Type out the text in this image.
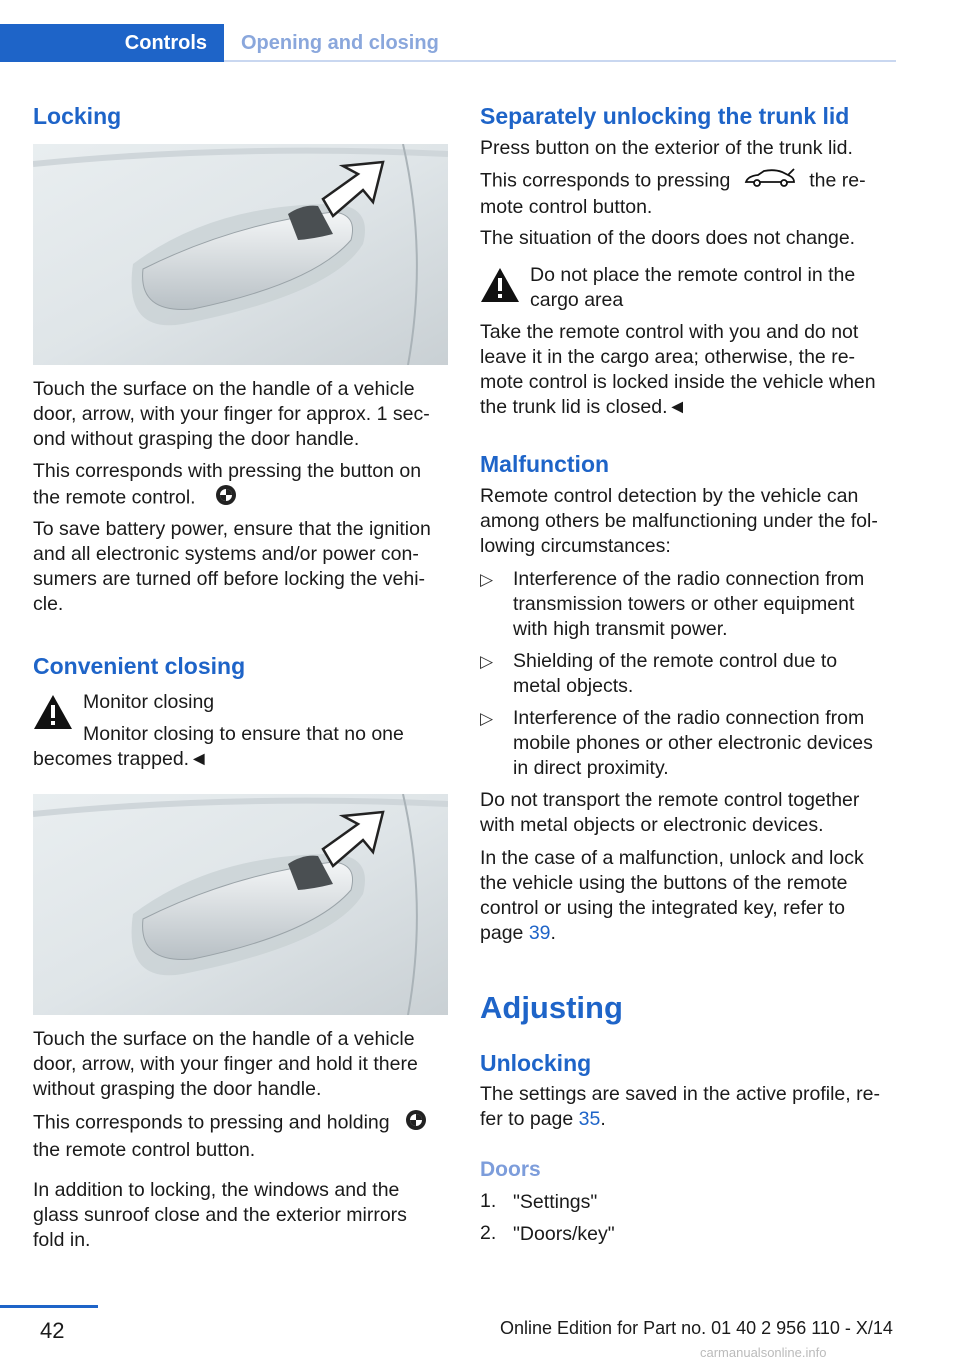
Controls	Opening and closing
Locking
Touch the surface on the handle of a vehicle
door, arrow, with your finger for approx. 1 sec-
ond without grasping the door handle.
This corresponds with pressing the button on
the remote control.
To save battery power, ensure that the ignition
and all electronic systems and/or power con-
sumers are turned off before locking the vehi-
cle.
Convenient closing
Monitor closing
Monitor closing to ensure that no one
becomes trapped.◄
Touch the surface on the handle of a vehicle
door, arrow, with your finger and hold it there
without grasping the door handle.
This corresponds to pressing and holding
the remote control button.
In addition to locking, the windows and the
glass sunroof close and the exterior mirrors
fold in.
Separately unlocking the trunk lid
Press button on the exterior of the trunk lid.
This corresponds to pressing	the re-
mote control button.
The situation of the doors does not change.
Do not place the remote control in the
cargo area
Take the remote control with you and do not
leave it in the cargo area; otherwise, the re-
mote control is locked inside the vehicle when
the trunk lid is closed.◄
Malfunction
Remote control detection by the vehicle can
among others be malfunctioning under the fol-
lowing circumstances:
▷ Interference of the radio connection from
transmission towers or other equipment
with high transmit power.
▷ Shielding of the remote control due to
metal objects.
▷ Interference of the radio connection from
mobile phones or other electronic devices
in direct proximity.
Do not transport the remote control together
with metal objects or electronic devices.
In the case of a malfunction, unlock and lock
the vehicle using the buttons of the remote
control or using the integrated key, refer to
page 39.
Adjusting
Unlocking
The settings are saved in the active profile, re-
fer to page 35.
Doors
1. "Settings"
2. "Doors/key"
42	Online Edition for Part no. 01 40 2 956 110 - X/14
carmanualsonline.info
